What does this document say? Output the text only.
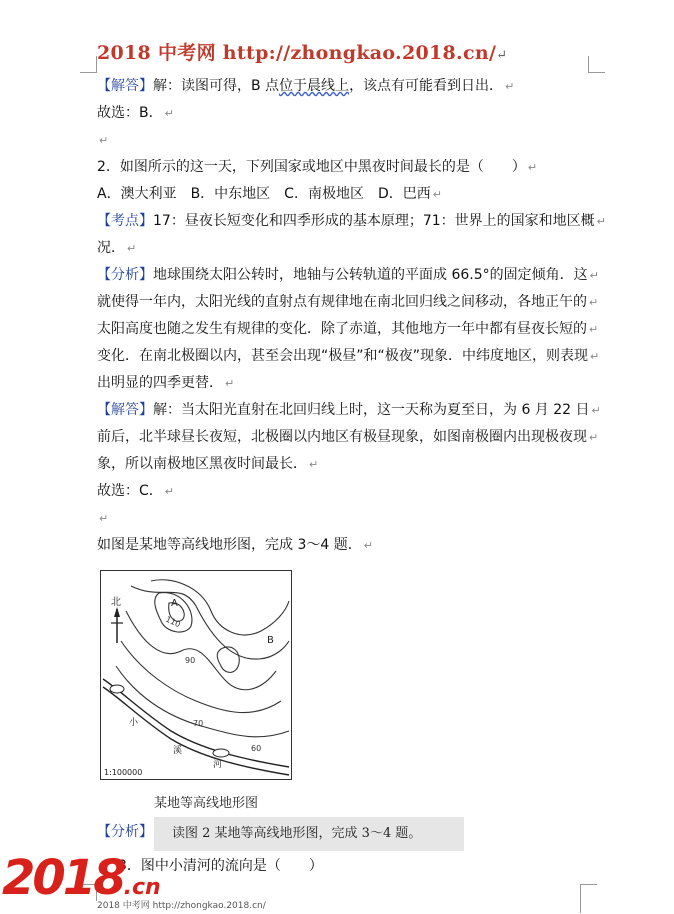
2018 中考网 http://zhongkao.2018.cn/↵
【解答】解：读图可得，B 点位于晨线上，该点有可能看到日出． ↵
故选：B． ↵
↵
2．如图所示的这一天，下列国家或地区中黑夜时间最长的是（　　） ↵
A．澳大利亚　B．中东地区　C．南极地区　D．巴西 ↵
【考点】17：昼夜长短变化和四季形成的基本原理；71：世界上的国家和地区概 ↵
况． ↵
【分析】地球围绕太阳公转时，地轴与公转轨道的平面成 66.5°的固定倾角．这 ↵
就使得一年内，太阳光线的直射点有规律地在南北回归线之间移动，各地正午的 ↵
太阳高度也随之发生有规律的变化．除了赤道，其他地方一年中都有昼夜长短的 ↵
变化．在南北极圈以内，甚至会出现“极昼”和“极夜”现象．中纬度地区，则表现 ↵
出明显的四季更替． ↵
【解答】解：当太阳光直射在北回归线上时，这一天称为夏至日，为 6 月 22 日 ↵
前后，北半球昼长夜短，北极圈以内地区有极昼现象，如图南极圈内出现极夜现 ↵
象，所以南极地区黑夜时间最长． ↵
故选：C． ↵
↵
如图是某地等高线地形图，完成 3～4 题． ↵
北	A
110
B
90
70
60
小
溪
河
1:100000
某地等高线地形图
【分析】	读图 2 某地等高线地形图，完成 3～4 题。
3．图中小清河的流向是（　　）
2018.cn
2018 中考网 http://zhongkao.2018.cn/
